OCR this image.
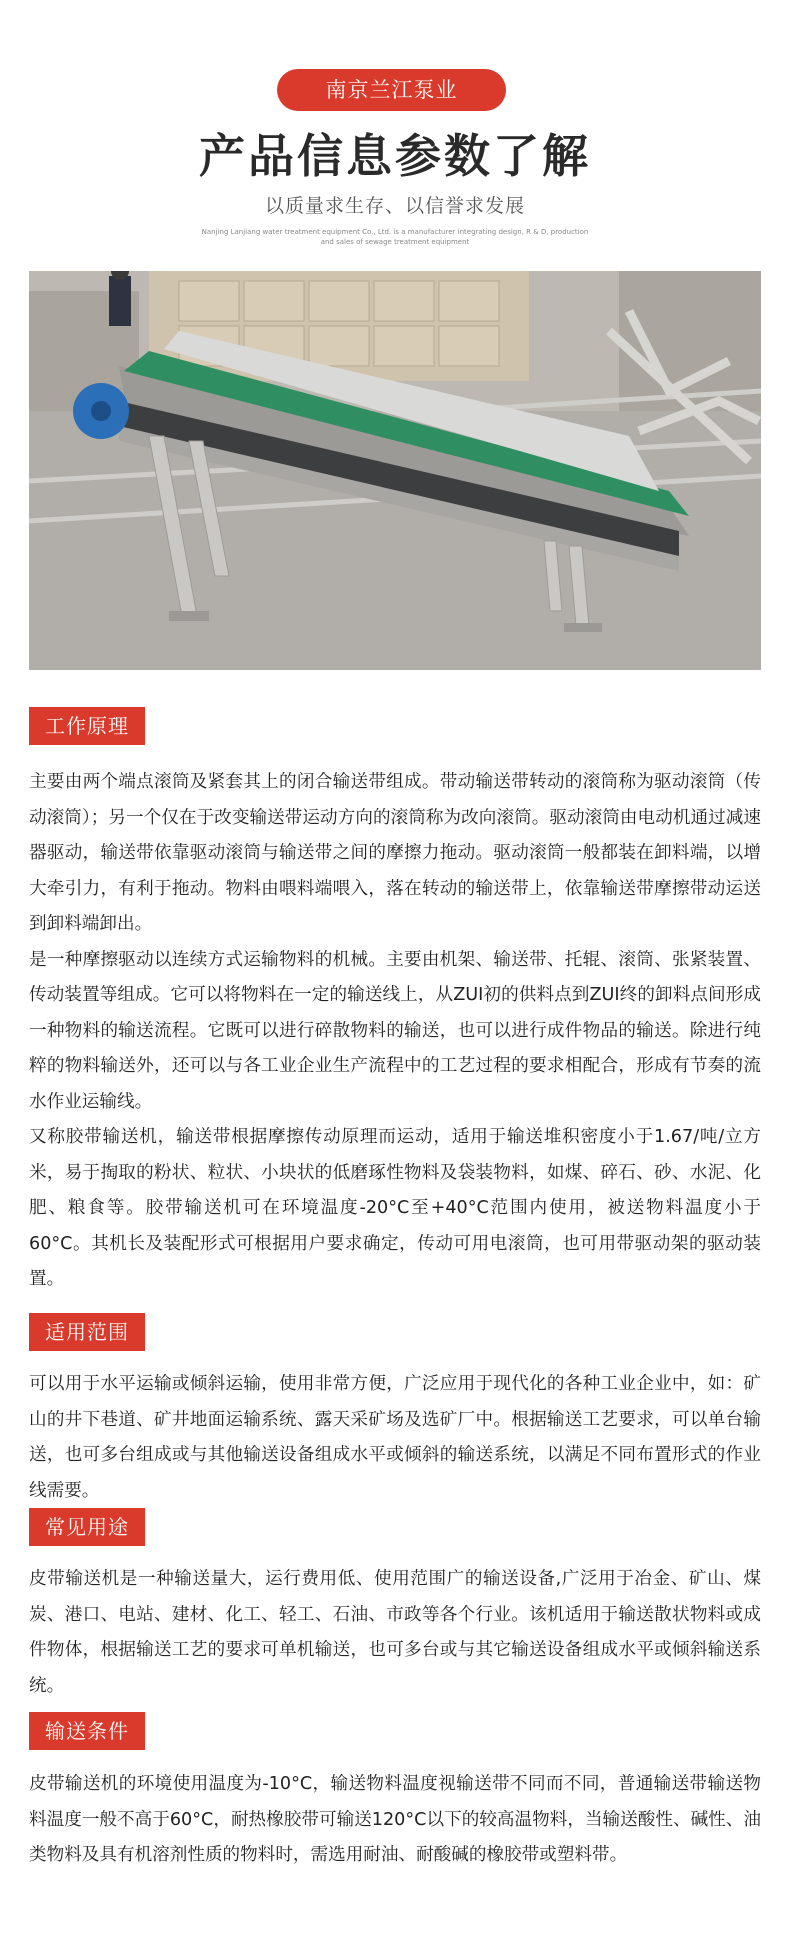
南京兰江泵业
产品信息参数了解
以质量求生存、以信誉求发展
Nanjing Lanjiang water treatment equipment Co., Ltd. is a manufacturer integrating design, R & D, production and sales of sewage treatment equipment
工作原理

主要由两个端点滚筒及紧套其上的闭合输送带组成。带动输送带转动的滚筒称为驱动滚筒（传动滚筒）；另一个仅在于改变输送带运动方向的滚筒称为改向滚筒。驱动滚筒由电动机通过减速器驱动，输送带依靠驱动滚筒与输送带之间的摩擦力拖动。驱动滚筒一般都装在卸料端，以增大牵引力，有利于拖动。物料由喂料端喂入，落在转动的输送带上，依靠输送带摩擦带动运送到卸料端卸出。

是一种摩擦驱动以连续方式运输物料的机械。主要由机架、输送带、托辊、滚筒、张紧装置、传动装置等组成。它可以将物料在一定的输送线上，从ZUI初的供料点到ZUI终的卸料点间形成一种物料的输送流程。它既可以进行碎散物料的输送，也可以进行成件物品的输送。除进行纯粹的物料输送外，还可以与各工业企业生产流程中的工艺过程的要求相配合，形成有节奏的流水作业运输线。

又称胶带输送机，输送带根据摩擦传动原理而运动，适用于输送堆积密度小于1.67/吨/立方米，易于掏取的粉状、粒状、小块状的低磨琢性物料及袋装物料，如煤、碎石、砂、水泥、化肥、粮食等。胶带输送机可在环境温度-20°C至+40°C范围内使用，被送物料温度小于60°C。其机长及装配形式可根据用户要求确定，传动可用电滚筒，也可用带驱动架的驱动装置。

适用范围

可以用于水平运输或倾斜运输，使用非常方便，广泛应用于现代化的各种工业企业中，如：矿山的井下巷道、矿井地面运输系统、露天采矿场及选矿厂中。根据输送工艺要求，可以单台输送，也可多台组成或与其他输送设备组成水平或倾斜的输送系统，以满足不同布置形式的作业线需要。

常见用途

皮带输送机是一种输送量大，运行费用低、使用范围广的输送设备,广泛用于冶金、矿山、煤炭、港口、电站、建材、化工、轻工、石油、市政等各个行业。该机适用于输送散状物料或成件物体，根据输送工艺的要求可单机输送，也可多台或与其它输送设备组成水平或倾斜输送系统。

输送条件

皮带输送机的环境使用温度为-10°C，输送物料温度视输送带不同而不同，普通输送带输送物料温度一般不高于60°C，耐热橡胶带可输送120°C以下的较高温物料，当输送酸性、碱性、油类物料及具有机溶剂性质的物料时，需选用耐油、耐酸碱的橡胶带或塑料带。
